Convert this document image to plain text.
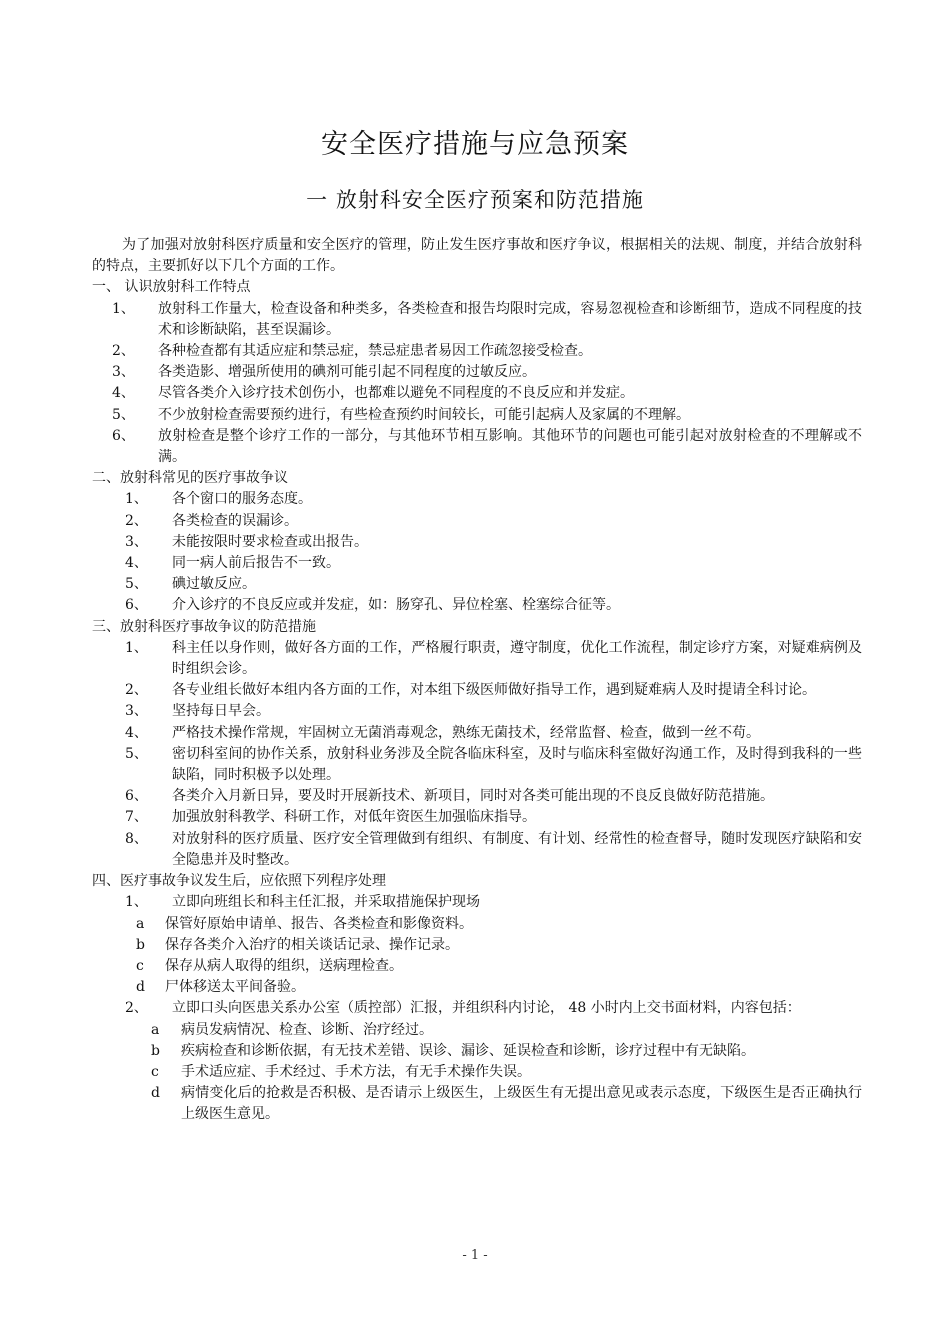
安全医疗措施与应急预案
一 放射科安全医疗预案和防范措施

为了加强对放射科医疗质量和安全医疗的管理，防止发生医疗事故和医疗争议，根据相关的法规、制度，并结合放射科的特点，主要抓好以下几个方面的工作。

一、 认识放射科工作特点

1、 放射科工作量大，检查设备和种类多，各类检查和报告均限时完成，容易忽视检查和诊断细节，造成不同程度的技术和诊断缺陷，甚至误漏诊。
2、 各种检查都有其适应症和禁忌症，禁忌症患者易因工作疏忽接受检查。
3、 各类造影、增强所使用的碘剂可能引起不同程度的过敏反应。
4、 尽管各类介入诊疗技术创伤小，也都难以避免不同程度的不良反应和并发症。
5、 不少放射检查需要预约进行，有些检查预约时间较长，可能引起病人及家属的不理解。
6、 放射检查是整个诊疗工作的一部分，与其他环节相互影响。其他环节的问题也可能引起对放射检查的不理解或不满。

二、放射科常见的医疗事故争议

1、 各个窗口的服务态度。
2、 各类检查的误漏诊。
3、 未能按限时要求检查或出报告。
4、 同一病人前后报告不一致。
5、 碘过敏反应。
6、 介入诊疗的不良反应或并发症，如：肠穿孔、异位栓塞、栓塞综合征等。

三、放射科医疗事故争议的防范措施

1、 科主任以身作则，做好各方面的工作，严格履行职责，遵守制度，优化工作流程，制定诊疗方案，对疑难病例及时组织会诊。
2、 各专业组长做好本组内各方面的工作，对本组下级医师做好指导工作，遇到疑难病人及时提请全科讨论。
3、 坚持每日早会。
4、 严格技术操作常规，牢固树立无菌消毒观念，熟练无菌技术，经常监督、检查，做到一丝不苟。
5、 密切科室间的协作关系，放射科业务涉及全院各临床科室，及时与临床科室做好沟通工作，及时得到我科的一些缺陷，同时积极予以处理。
6、 各类介入月新日异，要及时开展新技术、新项目，同时对各类可能出现的不良反良做好防范措施。
7、 加强放射科教学、科研工作，对低年资医生加强临床指导。
8、 对放射科的医疗质量、医疗安全管理做到有组织、有制度、有计划、经常性的检查督导，随时发现医疗缺陷和安全隐患并及时整改。

四、医疗事故争议发生后，应依照下列程序处理

1、 立即向班组长和科主任汇报，并采取措施保护现场
a 保管好原始申请单、报告、各类检查和影像资料。
b 保存各类介入治疗的相关谈话记录、操作记录。
c 保存从病人取得的组织，送病理检查。
d 尸体移送太平间备验。
2、 立即口头向医患关系办公室（质控部）汇报，并组织科内讨论， 48 小时内上交书面材料，内容包括：
a 病员发病情况、检查、诊断、治疗经过。
b 疾病检查和诊断依据，有无技术差错、误诊、漏诊、延误检查和诊断，诊疗过程中有无缺陷。
c 手术适应症、手术经过、手术方法，有无手术操作失误。
d 病情变化后的抢救是否积极、是否请示上级医生，上级医生有无提出意见或表示态度，下级医生是否正确执行上级医生意见。
- 1 -
